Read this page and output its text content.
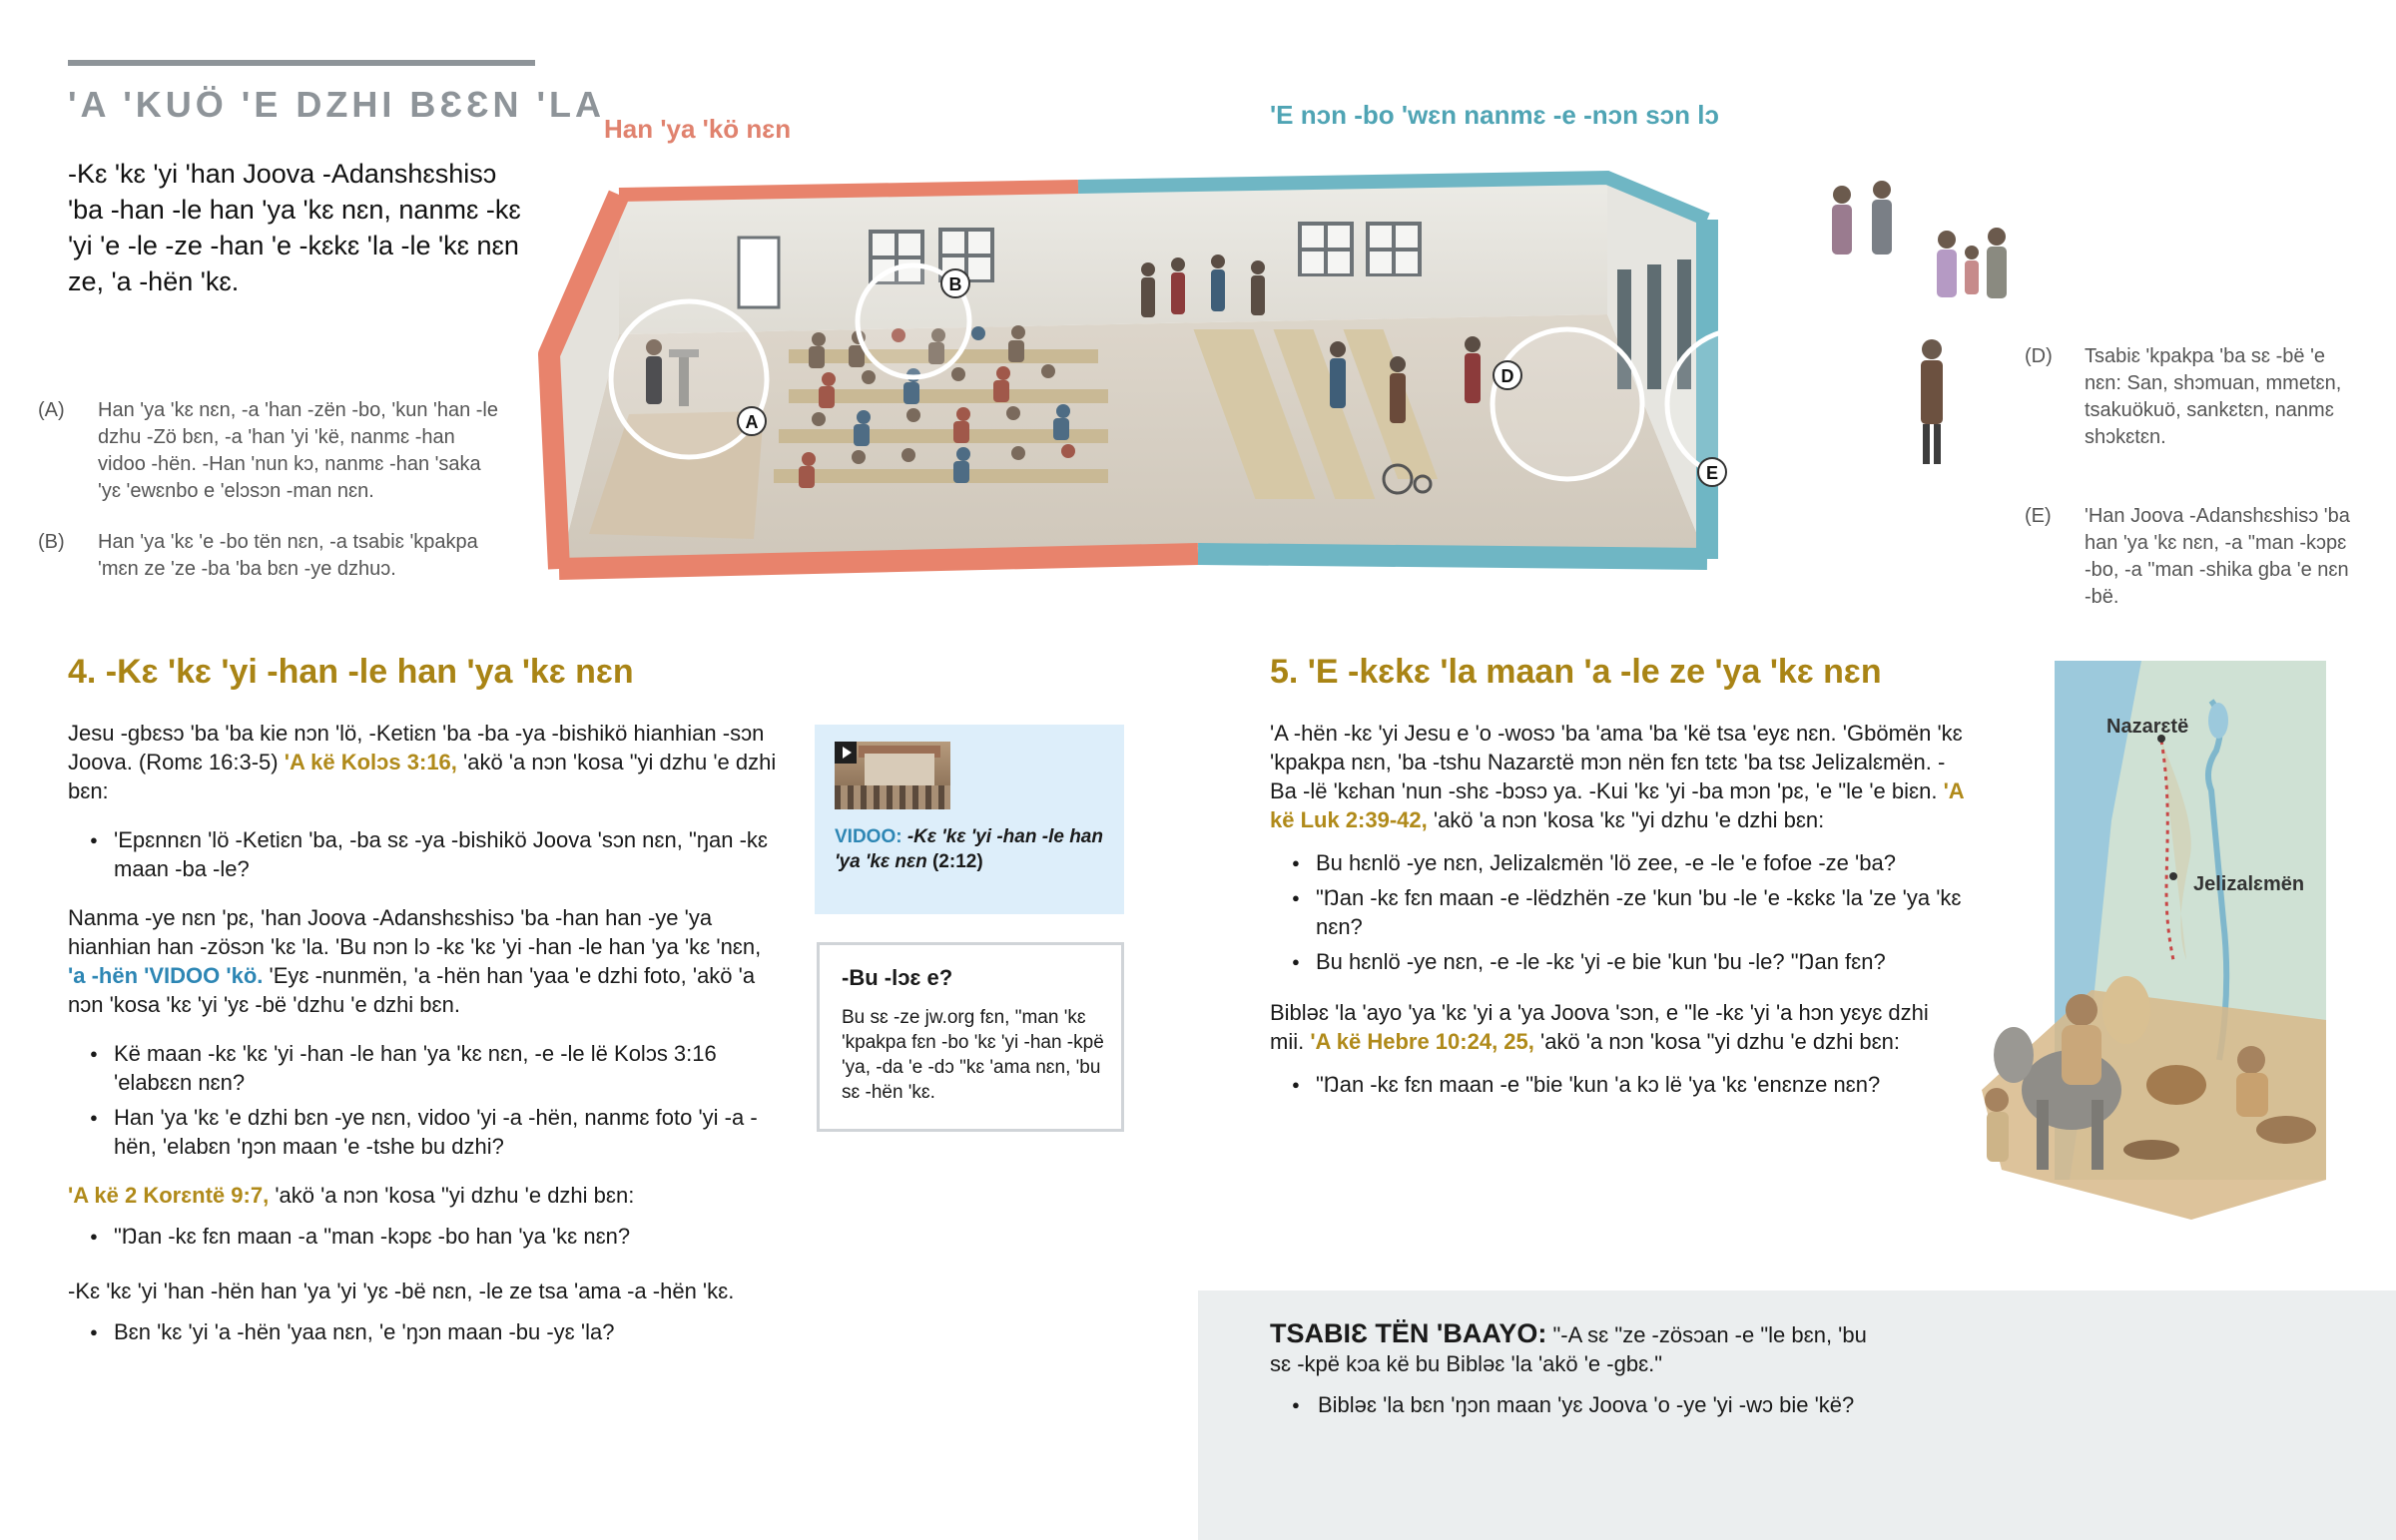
'A 'KUÖ 'E DZHI BƐƐN 'LA
-Kɛ 'kɛ 'yi 'han Joova -Adanshɛshisɔ 'ba -han -le han 'ya 'kɛ nɛn, nanmɛ -kɛ 'yi 'e -le -ze -han 'e -kɛkɛ 'la -le 'kɛ nɛn ze, 'a -hën 'kɛ.
(A) Han 'ya 'kɛ nɛn, -a 'han -zën -bo, 'kun 'han -le dzhu -Zö bɛn, -a 'han 'yi 'kë, nanmɛ -han vidoo -hën. -Han 'nun kɔ, nanmɛ -han 'saka 'yɛ 'ewɛnbo e 'elɔsɔn -man nɛn.
(B) Han 'ya 'kɛ 'e -bo tën nɛn, -a tsabiɛ 'kpakpa 'mɛn ze 'ze -ba 'ba bɛn -ye dzhuɔ.
Han 'ya 'kö nɛn	'E nɔn -bo 'wɛn nanmɛ -e -nɔn sɔn lɔ
A
B
D
E
(D) Tsabiɛ 'kpakpa 'ba sɛ -bë 'e nɛn: San, shɔmuan, mmetɛn, tsakuökuö, sankɛtɛn, nanmɛ shɔkɛtɛn.
(E) 'Han Joova -Adanshɛshisɔ 'ba han 'ya 'kɛ nɛn, -a "man -kɔpɛ -bo, -a "man -shika gba 'e nɛn -bë.
4. -Kɛ 'kɛ 'yi -han -le han 'ya 'kɛ nɛn

Jesu -gbɛsɔ 'ba 'ba kie nɔn 'lö, -Ketiɛn 'ba -ba -ya -bishikö hianhian -sɔn Joova. (Romɛ 16:3-5) 'A kë Kolɔs 3:16, 'akö 'a nɔn 'kosa "yi dzhu 'e dzhi bɛn:

● 'Epɛnnɛn 'lö -Ketiɛn 'ba, -ba sɛ -ya -bishikö Joova 'sɔn nɛn, "ŋan -kɛ maan -ba -le?

Nanma -ye nɛn 'pɛ, 'han Joova -Adanshɛshisɔ 'ba -han han -ye 'ya hianhian han -zösɔn 'kɛ 'la. 'Bu nɔn lɔ -kɛ 'kɛ 'yi -han -le han 'ya 'kɛ 'nɛn, 'a -hën 'VIDOO 'kö. 'Eyɛ -nunmën, 'a -hën han 'yaa 'e dzhi foto, 'akö 'a nɔn 'kosa 'kɛ 'yi 'yɛ -bë 'dzhu 'e dzhi bɛn.

● Kë maan -kɛ 'kɛ 'yi -han -le han 'ya 'kɛ nɛn, -e -le lë Kolɔs 3:16 'elabɛɛn nɛn?
● Han 'ya 'kɛ 'e dzhi bɛn -ye nɛn, vidoo 'yi -a -hën, nanmɛ foto 'yi -a -hën, 'elabɛn 'ŋɔn maan 'e -tshe bu dzhi?

'A kë 2 Korɛntë 9:7, 'akö 'a nɔn 'kosa "yi dzhu 'e dzhi bɛn:

● "Ŋan -kɛ fɛn maan -a "man -kɔpɛ -bo han 'ya 'kɛ nɛn?

-Kɛ 'kɛ 'yi 'han -hën han 'ya 'yi 'yɛ -bë nɛn, -le ze tsa 'ama -a -hën 'kɛ.

● Bɛn 'kɛ 'yi 'a -hën 'yaa nɛn, 'e 'ŋɔn maan -bu -yɛ 'la?
VIDOO: -Kɛ 'kɛ 'yi -han -le han 'ya 'kɛ nɛn (2:12)
-Bu -lɔɛ e?
Bu sɛ -ze jw.org fɛn, "man 'kɛ 'kpakpa fɛn -bo 'kɛ 'yi -han -kpë 'ya, -da 'e -dɔ "kɛ 'ama nɛn, 'bu sɛ -hën 'kɛ.
5. 'E -kɛkɛ 'la maan 'a -le ze 'ya 'kɛ nɛn

'A -hën -kɛ 'yi Jesu e 'o -wosɔ 'ba 'ama 'ba 'kë tsa 'eyɛ nɛn. 'Gbömën 'kɛ 'kpakpa nɛn, 'ba -tshu Nazarɛtë mɔn nën fɛn tɛtɛ 'ba tsɛ Jelizalɛmën. -Ba -lë 'kɛhan 'nun -shɛ -bɔsɔ ya. -Kui 'kɛ 'yi -ba mɔn 'pɛ, 'e "le 'e biɛn. 'A kë Luk 2:39-42, 'akö 'a nɔn 'kosa 'kɛ "yi dzhu 'e dzhi bɛn:

● Bu hɛnlö -ye nɛn, Jelizalɛmën 'lö zee, -e -le 'e fofoe -ze 'ba?
● "Ŋan -kɛ fɛn maan -e -lëdzhën -ze 'kun 'bu -le 'e -kɛkɛ 'la 'ze 'ya 'kɛ nɛn?
● Bu hɛnlö -ye nɛn, -e -le -kɛ 'yi -e bie 'kun 'bu -le? "Ŋan fɛn?

Bibləɛ 'la 'ayo 'ya 'kɛ 'yi a 'ya Joova 'sɔn, e "le -kɛ 'yi 'a hɔn yɛyɛ dzhi mii. 'A kë Hebre 10:24, 25, 'akö 'a nɔn 'kosa "yi dzhu 'e dzhi bɛn:

● "Ŋan -kɛ fɛn maan -e "bie 'kun 'a kɔ lë 'ya 'kɛ 'enɛnze nɛn?
Nazarɛtë
Jelizalɛmën

TSABIƐ TËN 'BAAYO: "-A sɛ "ze -zösɔan -e "le bɛn, 'bu sɛ -kpë kɔa kë bu Bibləɛ 'la 'akö 'e -gbɛ."

● Bibləɛ 'la bɛn 'ŋɔn maan 'yɛ Joova 'o -ye 'yi -wɔ bie 'kë?
